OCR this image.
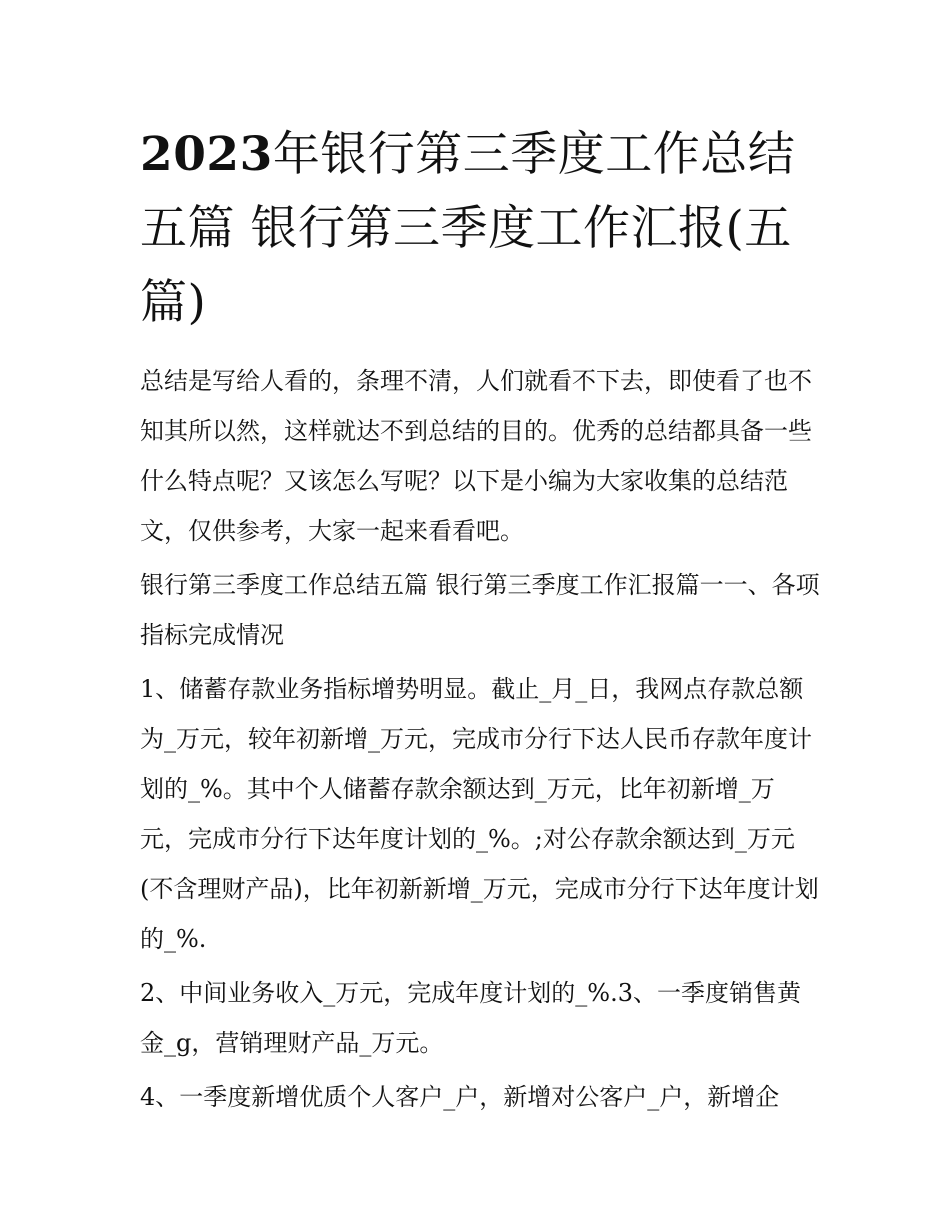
2023年银行第三季度工作总结五篇 银行第三季度工作汇报(五篇)

总结是写给人看的，条理不清，人们就看不下去，即使看了也不知其所以然，这样就达不到总结的目的。优秀的总结都具备一些什么特点呢？又该怎么写呢？以下是小编为大家收集的总结范文，仅供参考，大家一起来看看吧。

银行第三季度工作总结五篇 银行第三季度工作汇报篇一一、各项指标完成情况

1、储蓄存款业务指标增势明显。截止_月_日，我网点存款总额为_万元，较年初新增_万元，完成市分行下达人民币存款年度计划的_%。其中个人储蓄存款余额达到_万元，比年初新增_万元，完成市分行下达年度计划的_%。;对公存款余额达到_万元(不含理财产品)，比年初新新增_万元，完成市分行下达年度计划的_%.

2、中间业务收入_万元，完成年度计划的_%.3、一季度销售黄金_g，营销理财产品_万元。

4、一季度新增优质个人客户_户，新增对公客户_户，新增企
